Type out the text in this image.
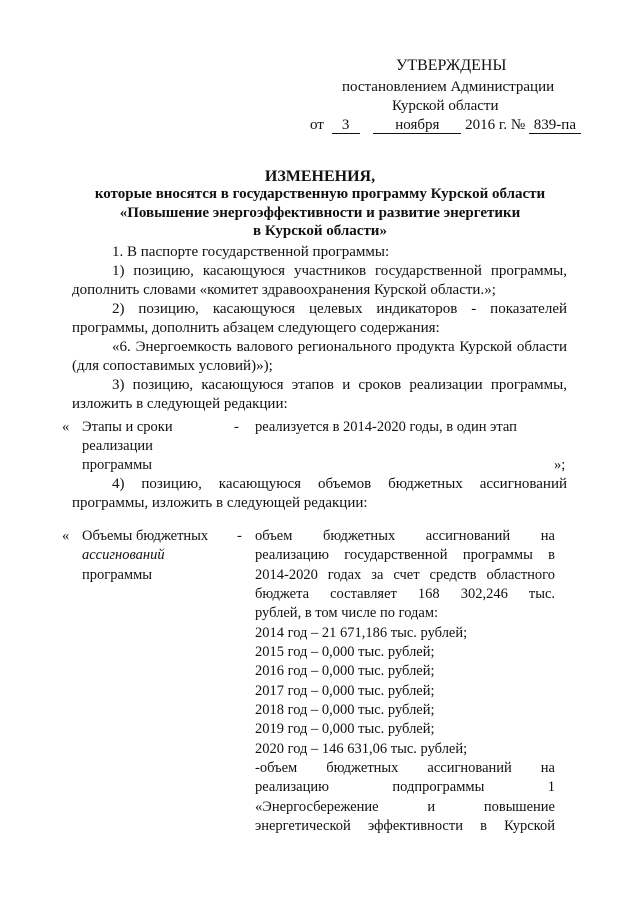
УТВЕРЖДЕНЫ
постановлением Администрации
Курской области
от 3	ноября 2016 г. № 839-па
ИЗМЕНЕНИЯ,
которые вносятся в государственную программу Курской области
«Повышение энергоэффективности и развитие энергетики
в Курской области»
1. В паспорте государственной программы:
1) позицию, касающуюся участников государственной программы,
дополнить словами «комитет здравоохранения Курской области.»;
2) позицию, касающуюся целевых индикаторов - показателей
программы, дополнить абзацем следующего содержания:
«6. Энергоемкость валового регионального продукта Курской области
(для сопоставимых условий)»);
3) позицию, касающуюся этапов и сроков реализации программы,
изложить в следующей редакции:
« Этапы и сроки
реализации
программы
- реализуется в 2014-2020 годы, в один этап
»;
4) позицию, касающуюся объемов бюджетных ассигнований
программы, изложить в следующей редакции:
« Объемы бюджетных
ассигнований
программы
- объем бюджетных ассигнований на
реализацию государственной программы в
2014-2020 годах за счет средств областного
бюджета составляет 168 302,246 тыс.
рублей, в том числе по годам:
2014 год – 21 671,186 тыс. рублей;
2015 год – 0,000 тыс. рублей;
2016 год – 0,000 тыс. рублей;
2017 год – 0,000 тыс. рублей;
2018 год – 0,000 тыс. рублей;
2019 год – 0,000 тыс. рублей;
2020 год – 146 631,06 тыс. рублей;
-объем бюджетных ассигнований на
реализацию подпрограммы 1
«Энергосбережение и повышение
энергетической эффективности в Курской
